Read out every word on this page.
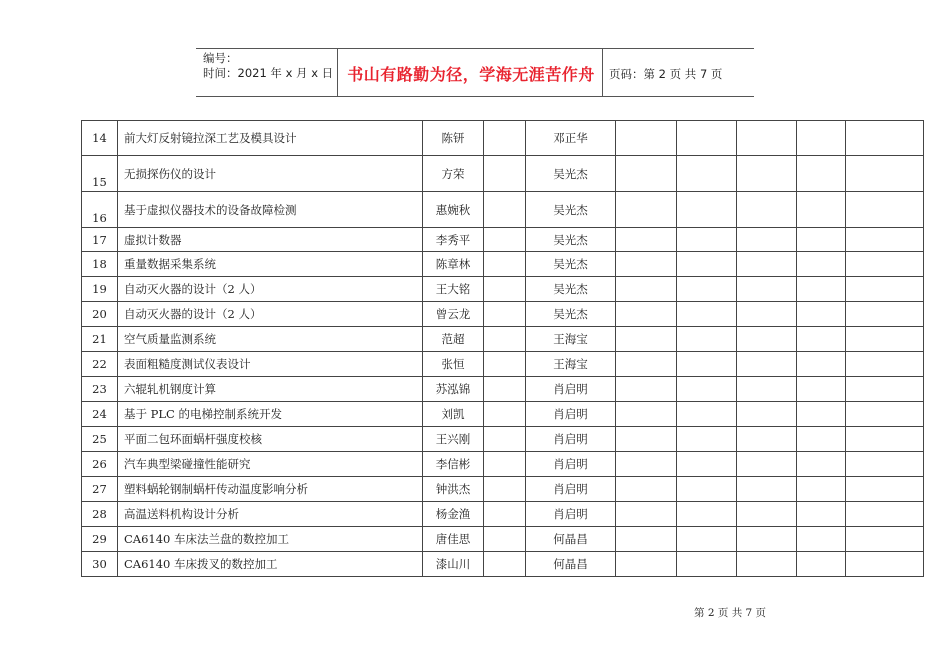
编号：
时间：2021 年 x 月 x 日 书山有路勤为径，学海无涯苦作舟	页码：第 2 页 共 7 页
14	前大灯反射镜拉深工艺及模具设计	陈钘		邓正华					
15	无损探伤仪的设计	方荣		吴光杰					
16	基于虚拟仪器技术的设备故障检测	惠婉秋		吴光杰					
17	虚拟计数器	李秀平		吴光杰					
18	重量数据采集系统	陈章林		吴光杰					
19	自动灭火器的设计（2 人）	王大铭		吴光杰					
20	自动灭火器的设计（2 人）	曾云龙		吴光杰					
21	空气质量监测系统	范超		王海宝					
22	表面粗糙度测试仪表设计	张恒		王海宝					
23	六辊轧机钢度计算	苏泓锦		肖启明					
24	基于 PLC 的电梯控制系统开发	刘凯		肖启明					
25	平面二包环面蜗杆强度校核	王兴刚		肖启明					
26	汽车典型梁碰撞性能研究	李信彬		肖启明					
27	塑料蜗轮钢制蜗杆传动温度影响分析	钟洪杰		肖启明					
28	高温送料机构设计分析	杨金渔		肖启明					
29	CA6140 车床法兰盘的数控加工	唐佳思		何晶昌					
30	CA6140 车床拨叉的数控加工	漆山川		何晶昌					
第 2 页 共 7 页
